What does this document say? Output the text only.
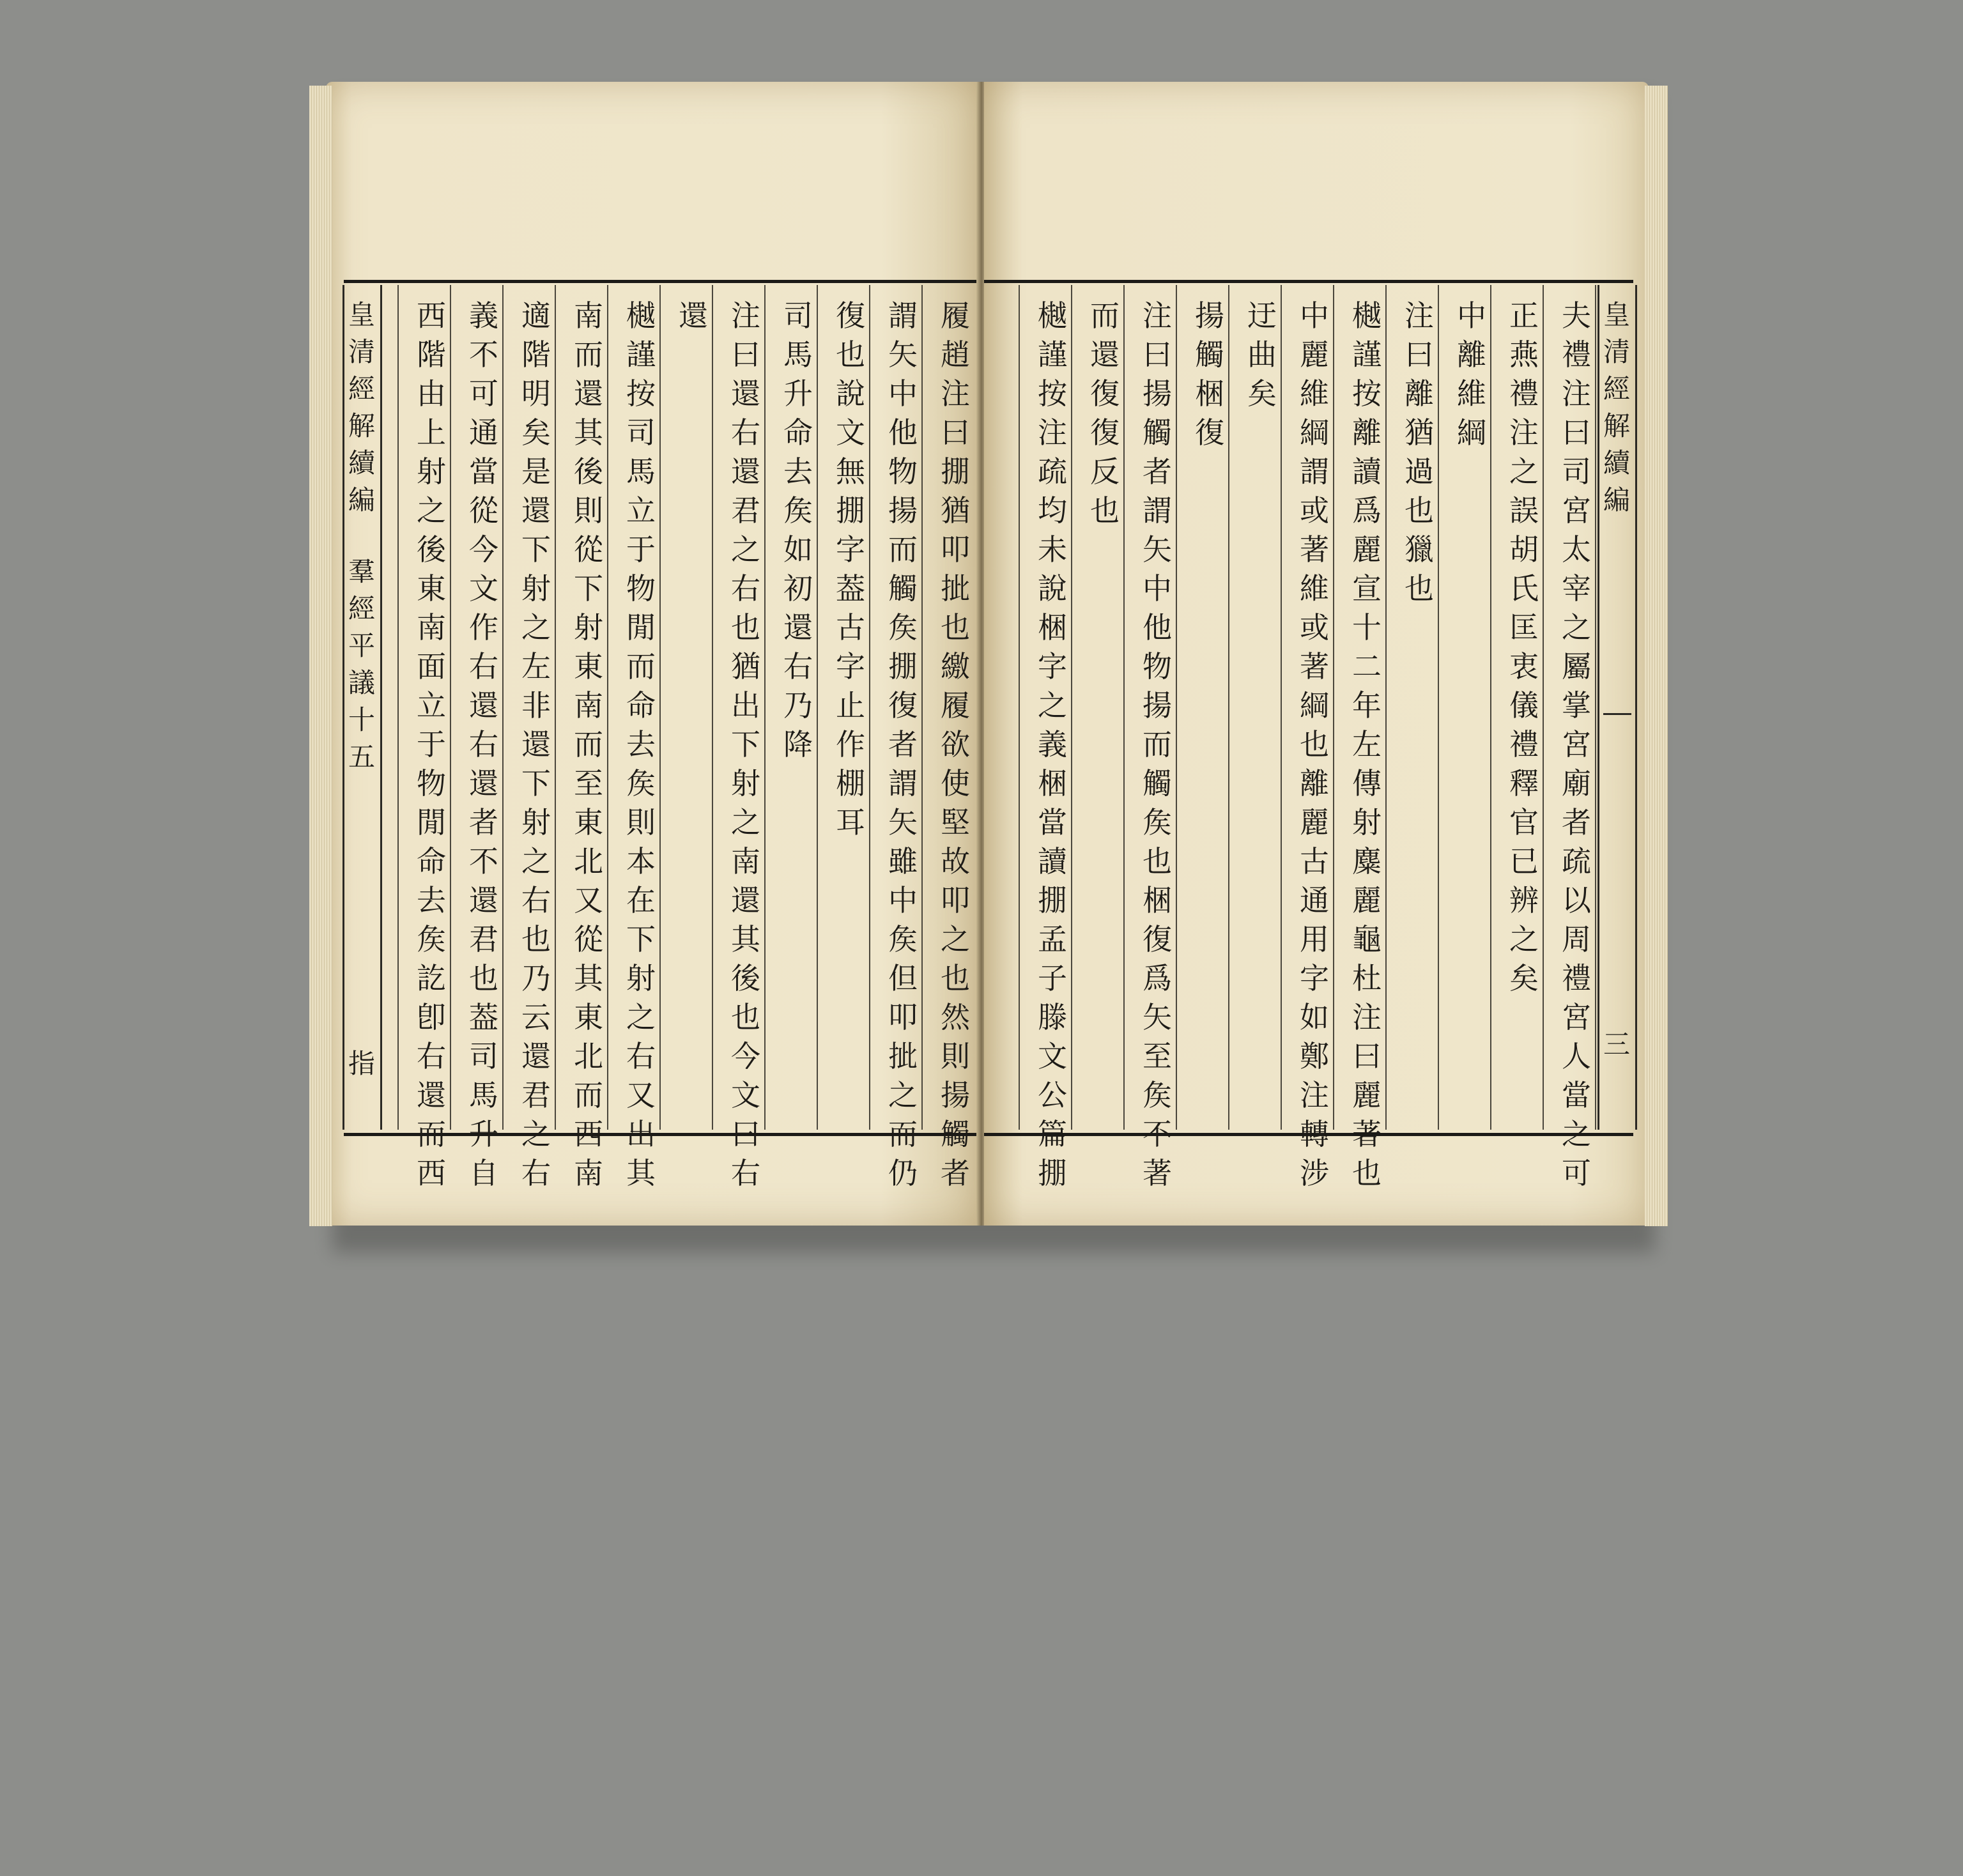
皇
清
經
解
續
編
羣
經
平
議
十
五
指
履
趙
注
曰
掤
猶
叩
㧗
也
繳
履
欲
使
堅
故
叩
之
也
然
則
揚
觸
者
謂
矢
中
他
物
揚
而
觸
矦
掤
復
者
謂
矢
雖
中
矦
但
叩
㧗
之
而
仍
復
也
說
文
無
掤
字
葢
古
字
止
作
棚
耳
司
馬
升
命
去
矦
如
初
還
右
乃
降
注
曰
還
右
還
君
之
右
也
猶
出
下
射
之
南
還
其
後
也
今
文
曰
右
還
樾
謹
按
司
馬
立
于
物
閒
而
命
去
矦
則
本
在
下
射
之
右
又
出
其
南
而
還
其
後
則
從
下
射
東
南
而
至
東
北
又
從
其
東
北
而
西
南
適
階
明
矣
是
還
下
射
之
左
非
還
下
射
之
右
也
乃
云
還
君
之
右
義
不
可
通
當
從
今
文
作
右
還
右
還
者
不
還
君
也
葢
司
馬
升
自
西
階
由
上
射
之
後
東
南
面
立
于
物
閒
命
去
矦
訖
卽
右
還
而
西
皇
清
經
解
續
編
三
夫
禮
注
曰
司
宮
太
宰
之
屬
掌
宮
廟
者
疏
以
周
禮
宮
人
當
之
可
正
燕
禮
注
之
誤
胡
氏
匡
衷
儀
禮
釋
官
已
辨
之
矣
中
離
維
綱
注
曰
離
猶
過
也
獵
也
樾
謹
按
離
讀
爲
麗
宣
十
二
年
左
傳
射
麋
麗
龜
杜
注
曰
麗
著
也
中
麗
維
綱
謂
或
著
維
或
著
綱
也
離
麗
古
通
用
字
如
鄭
注
轉
涉
迂
曲
矣
揚
觸
梱
復
注
曰
揚
觸
者
謂
矢
中
他
物
揚
而
觸
矦
也
梱
復
爲
矢
至
矦
不
著
而
還
復
復
反
也
樾
謹
按
注
疏
均
未
說
梱
字
之
義
梱
當
讀
掤
孟
子
滕
文
公
篇
掤
